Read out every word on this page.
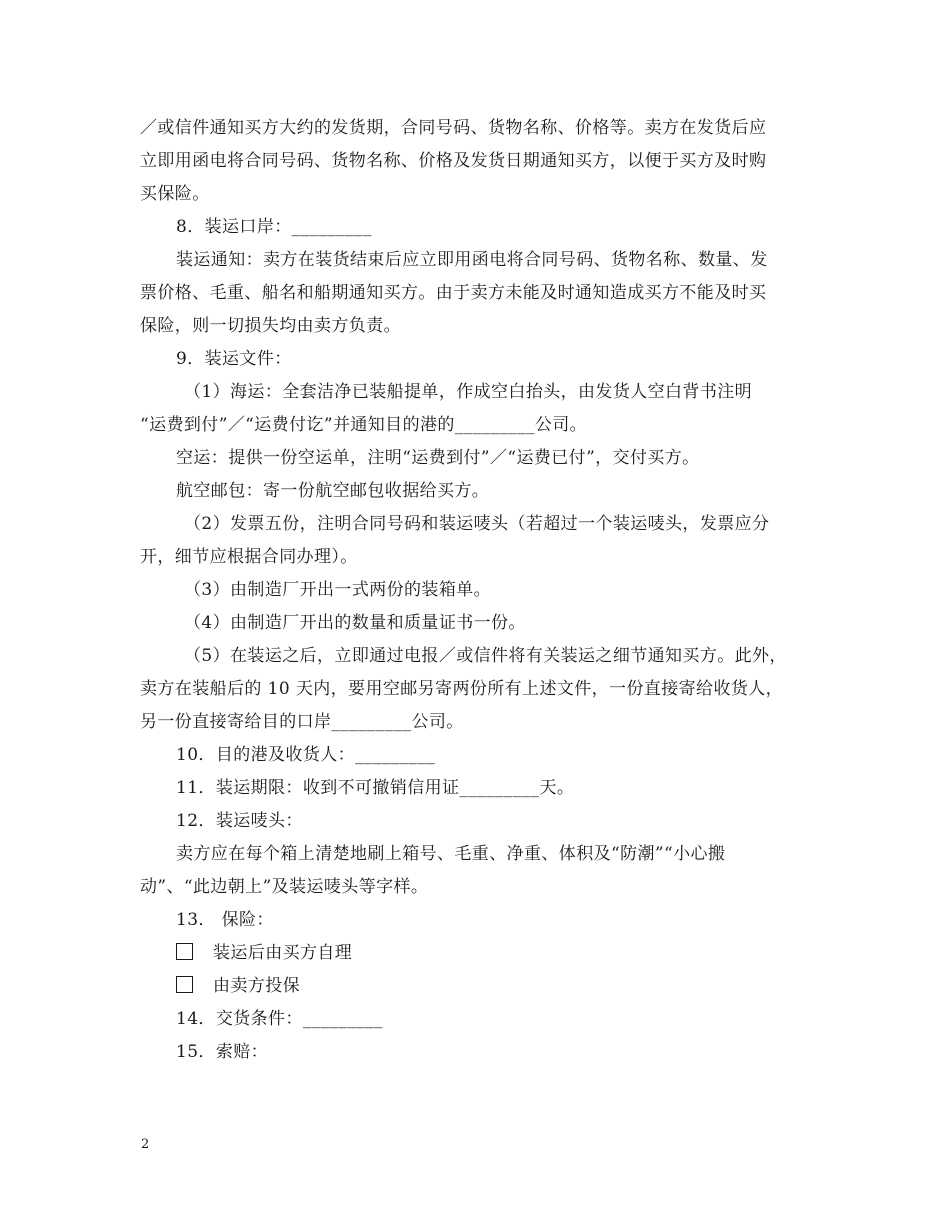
／或信件通知买方大约的发货期，合同号码、货物名称、价格等。卖方在发货后应
立即用函电将合同号码、货物名称、价格及发货日期通知买方，以便于买方及时购
买保险。
8．装运口岸：_________
装运通知：卖方在装货结束后应立即用函电将合同号码、货物名称、数量、发
票价格、毛重、船名和船期通知买方。由于卖方未能及时通知造成买方不能及时买
保险，则一切损失均由卖方负责。
9．装运文件：
（1）海运：全套洁净已装船提单，作成空白抬头，由发货人空白背书注明
“运费到付”／“运费付讫”并通知目的港的_________公司。
空运：提供一份空运单，注明“运费到付”／“运费已付”，交付买方。
航空邮包：寄一份航空邮包收据给买方。
（2）发票五份，注明合同号码和装运唛头（若超过一个装运唛头，发票应分
开，细节应根据合同办理）。
（3）由制造厂开出一式两份的装箱单。
（4）由制造厂开出的数量和质量证书一份。
（5）在装运之后，立即通过电报／或信件将有关装运之细节通知买方。此外，
卖方在装船后的 10 天内，要用空邮另寄两份所有上述文件，一份直接寄给收货人，
另一份直接寄给目的口岸_________公司。
10．目的港及收货人：_________
11．装运期限：收到不可撤销信用证_________天。
12．装运唛头：
卖方应在每个箱上清楚地刷上箱号、毛重、净重、体积及“防潮”“小心搬
动”、“此边朝上”及装运唛头等字样。
13． 保险：
装运后由买方自理
由卖方投保
14．交货条件：_________
15．索赔：
2
